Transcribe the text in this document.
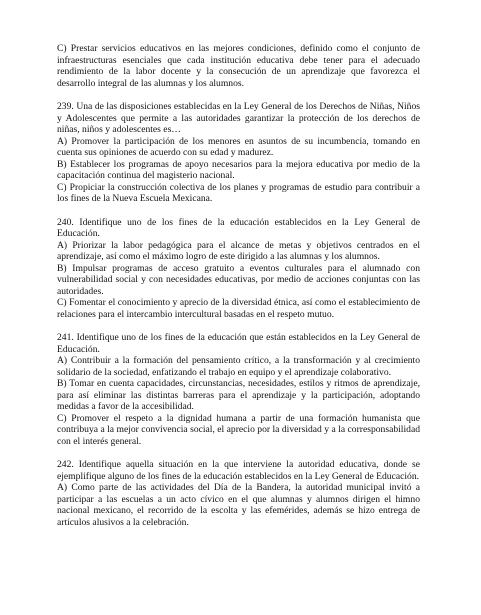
C) Prestar servicios educativos en las mejores condiciones, definido como el conjunto de infraestructuras esenciales que cada institución educativa debe tener para el adecuado rendimiento de la labor docente y la consecución de un aprendizaje que favorezca el desarrollo integral de las alumnas y los alumnos.

239. Una de las disposiciones establecidas en la Ley General de los Derechos de Niñas, Niños y Adolescentes que permite a las autoridades garantizar la protección de los derechos de niñas, niños y adolescentes es…

A) Promover la participación de los menores en asuntos de su incumbencia, tomando en cuenta sus opiniones de acuerdo con su edad y madurez.

B) Establecer los programas de apoyo necesarios para la mejora educativa por medio de la capacitación continua del magisterio nacional.

C) Propiciar la construcción colectiva de los planes y programas de estudio para contribuir a los fines de la Nueva Escuela Mexicana.

240. Identifique uno de los fines de la educación establecidos en la Ley General de Educación.

A) Priorizar la labor pedagógica para el alcance de metas y objetivos centrados en el aprendizaje, así como el máximo logro de este dirigido a las alumnas y los alumnos.

B) Impulsar programas de acceso gratuito a eventos culturales para el alumnado con vulnerabilidad social y con necesidades educativas, por medio de acciones conjuntas con las autoridades.

C) Fomentar el conocimiento y aprecio de la diversidad étnica, así como el establecimiento de relaciones para el intercambio intercultural basadas en el respeto mutuo.

241. Identifique uno de los fines de la educación que están establecidos en la Ley General de Educación.

A) Contribuir a la formación del pensamiento crítico, a la transformación y al crecimiento solidario de la sociedad, enfatizando el trabajo en equipo y el aprendizaje colaborativo.

B) Tomar en cuenta capacidades, circunstancias, necesidades, estilos y ritmos de aprendizaje, para así eliminar las distintas barreras para el aprendizaje y la participación, adoptando medidas a favor de la accesibilidad.

C) Promover el respeto a la dignidad humana a partir de una formación humanista que contribuya a la mejor convivencia social, el aprecio por la diversidad y a la corresponsabilidad con el interés general.

242. Identifique aquella situación en la que interviene la autoridad educativa, donde se ejemplifique alguno de los fines de la educación establecidos en la Ley General de Educación.

A) Como parte de las actividades del Día de la Bandera, la autoridad municipal invitó a participar a las escuelas a un acto cívico en el que alumnas y alumnos dirigen el himno nacional mexicano, el recorrido de la escolta y las efemérides, además se hizo entrega de artículos alusivos a la celebración.
